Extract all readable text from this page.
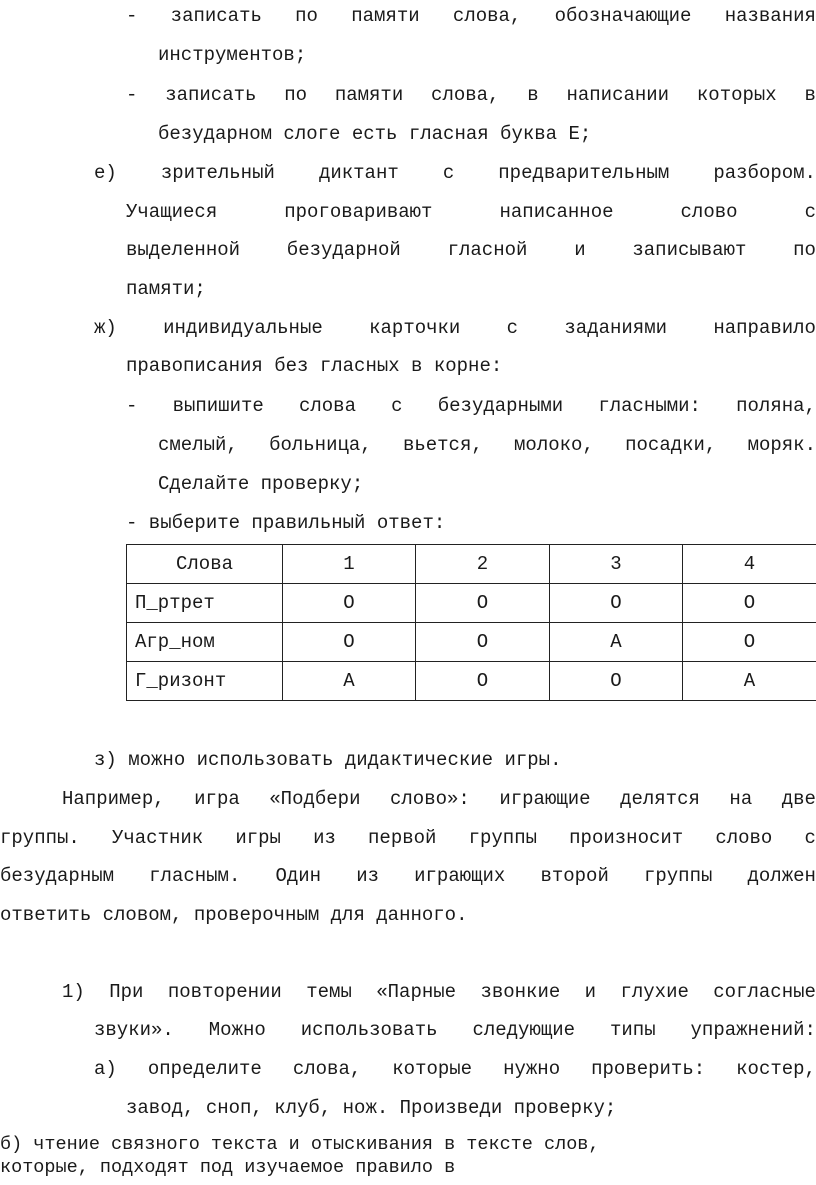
- записать по памяти слова, обозначающие названия
инструментов;
- записать по памяти слова, в написании которых в
безударном слоге есть гласная буква Е;
е) зрительный диктант с предварительным разбором.
Учащиеся	проговаривают	написанное	слово	с
выделенной безударной гласной и записывают по
памяти;
ж) индивидуальные карточки с заданиями направило
правописания без гласных в корне:
- выпишите слова с безударными гласными: поляна,
смелый, больница, вьется, молоко, посадки, моряк.
Сделайте проверку;
- выберите правильный ответ:
Слова	1	2	3	4
П_ртрет	О	О	О	О
Агр_ном	О	О	А	О
Г_ризонт	А	О	О	А
з) можно использовать дидактические игры.
Например, игра «Подбери слово»: играющие делятся на две
группы. Участник игры из первой группы произносит слово с
безударным гласным. Один из играющих второй группы должен
ответить словом, проверочным для данного.
1) При повторении темы «Парные звонкие и глухие согласные
звуки». Можно использовать следующие типы упражнений:
а) определите слова, которые нужно проверить: костер,
завод, сноп, клуб, нож. Произведи проверку;
б) чтение связного текста и отыскивания в тексте слов,
которые, подходят под изучаемое правило в
